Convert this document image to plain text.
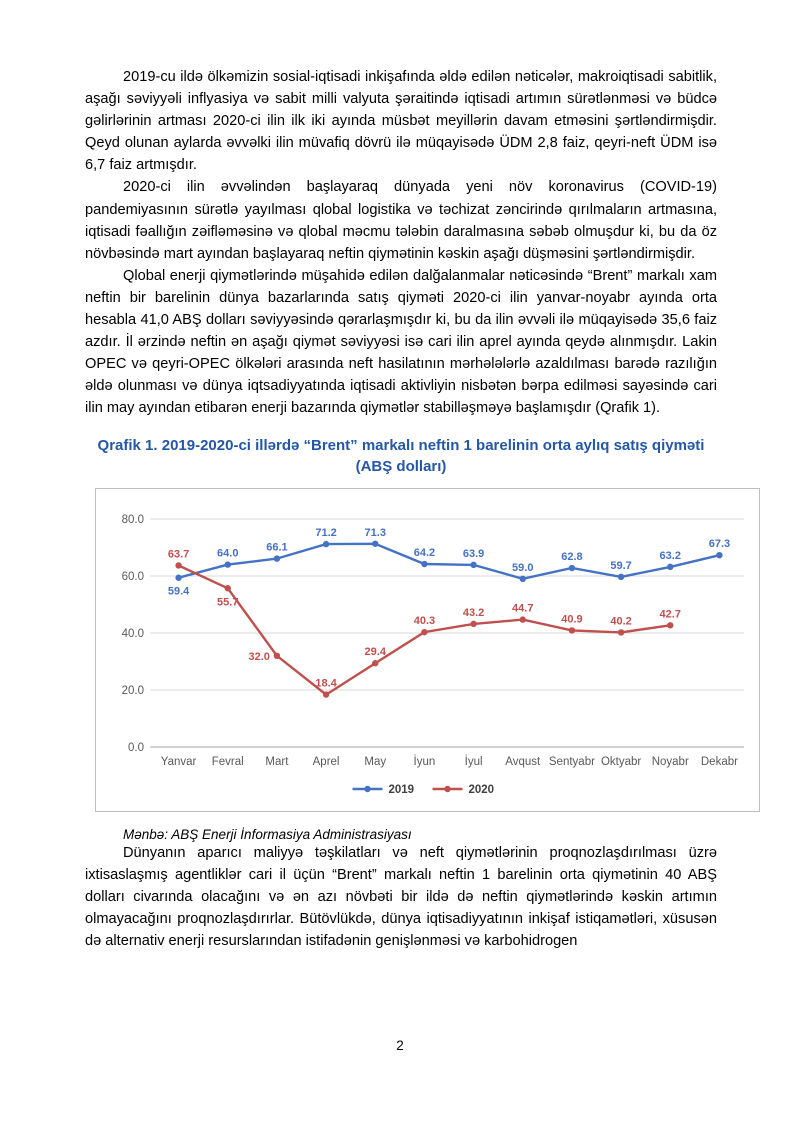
2019-cu ildə ölkəmizin sosial-iqtisadi inkişafında əldə edilən nəticələr, makroiqtisadi sabitlik, aşağı səviyyəli inflyasiya və sabit milli valyuta şəraitində iqtisadi artımın sürətlənməsi və büdcə gəlirlərinin artması 2020-ci ilin ilk iki ayında müsbət meyillərin davam etməsini şərtləndirmişdir. Qeyd olunan aylarda əvvəlki ilin müvafiq dövrü ilə müqayisədə ÜDM 2,8 faiz, qeyri-neft ÜDM isə 6,7 faiz artmışdır.

2020-ci ilin əvvəlindən başlayaraq dünyada yeni növ koronavirus (COVID-19) pandemiyasının sürətlə yayılması qlobal logistika və təchizat zəncirində qırılmaların artmasına, iqtisadi fəallığın zəifləməsinə və qlobal məcmu tələbin daralmasına səbəb olmuşdur ki, bu da öz növbəsində mart ayından başlayaraq neftin qiymətinin kəskin aşağı düşməsini şərtləndirmişdir.

Qlobal enerji qiymətlərində müşahidə edilən dalğalanmalar nəticəsində “Brent” markalı xam neftin bir barelinin dünya bazarlarında satış qiyməti 2020-ci ilin yanvar-noyabr ayında orta hesabla 41,0 ABŞ dolları səviyyəsində qərarlaşmışdır ki, bu da ilin əvvəli ilə müqayisədə 35,6 faiz azdır. İl ərzində neftin ən aşağı qiymət səviyyəsi isə cari ilin aprel ayında qeydə alınmışdır. Lakin OPEC və qeyri-OPEC ölkələri arasında neft hasilatının mərhələlərlə azaldılması barədə razılığın əldə olunması və dünya iqtsadiyyatında iqtisadi aktivliyin nisbətən bərpa edilməsi sayəsində cari ilin may ayından etibarən enerji bazarında qiymətlər stabilləşməyə başlamışdır (Qrafik 1).

Qrafik 1. 2019-2020-ci illərdə “Brent” markalı neftin 1 barelinin orta aylıq satış qiyməti
(ABŞ dolları)
0.0
20.0
40.0
60.0
80.0
Yanvar Fevral Mart Aprel May İyun	İyul Avqust Sentyabr Oktyabr Noyabr Dekabr
59.4
64.0	66.1
71.2	71.3
64.2	63.9
59.0
62.8
59.7
63.2
67.3
63.7
55.7
32.0
18.4
29.4
40.3
43.2	44.7
40.9	40.2
42.7
2019	2020
Mənbə: ABŞ Enerji İnformasiya Administrasiyası

Dünyanın aparıcı maliyyə təşkilatları və neft qiymətlərinin proqnozlaşdırılması üzrə ixtisaslaşmış agentliklər cari il üçün “Brent” markalı neftin 1 barelinin orta qiymətinin 40 ABŞ dolları civarında olacağını və ən azı növbəti bir ildə də neftin qiymətlərində kəskin artımın olmayacağını proqnozlaşdırırlar. Bütövlükdə, dünya iqtisadiyyatının inkişaf istiqamətləri, xüsusən də alternativ enerji resurslarından istifadənin genişlənməsi və karbohidrogen

2
